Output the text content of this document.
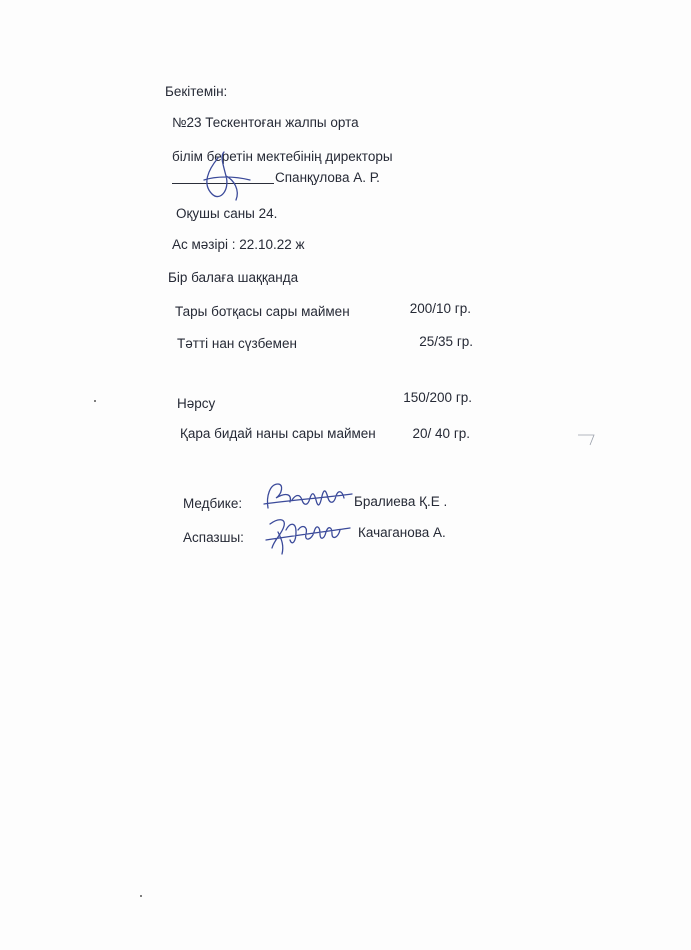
Бекітемін:
№23 Тескентоған жалпы орта
білім беретін мектебінің директоры
Спанқулова А. Р.
Оқушы саны 24.
Ас мәзірі : 22.10.22 ж
Бір балаға шаққанда
Тары ботқасы сары маймен	200/10 гр.
Тәтті нан сүзбемен	25/35 гр.
Нәрсу	150/200 гр.
Қара бидай наны сары маймен	20/ 40 гр.
Медбике:	Бралиева Қ.Е .
Аспазшы:	Качаганова А.
